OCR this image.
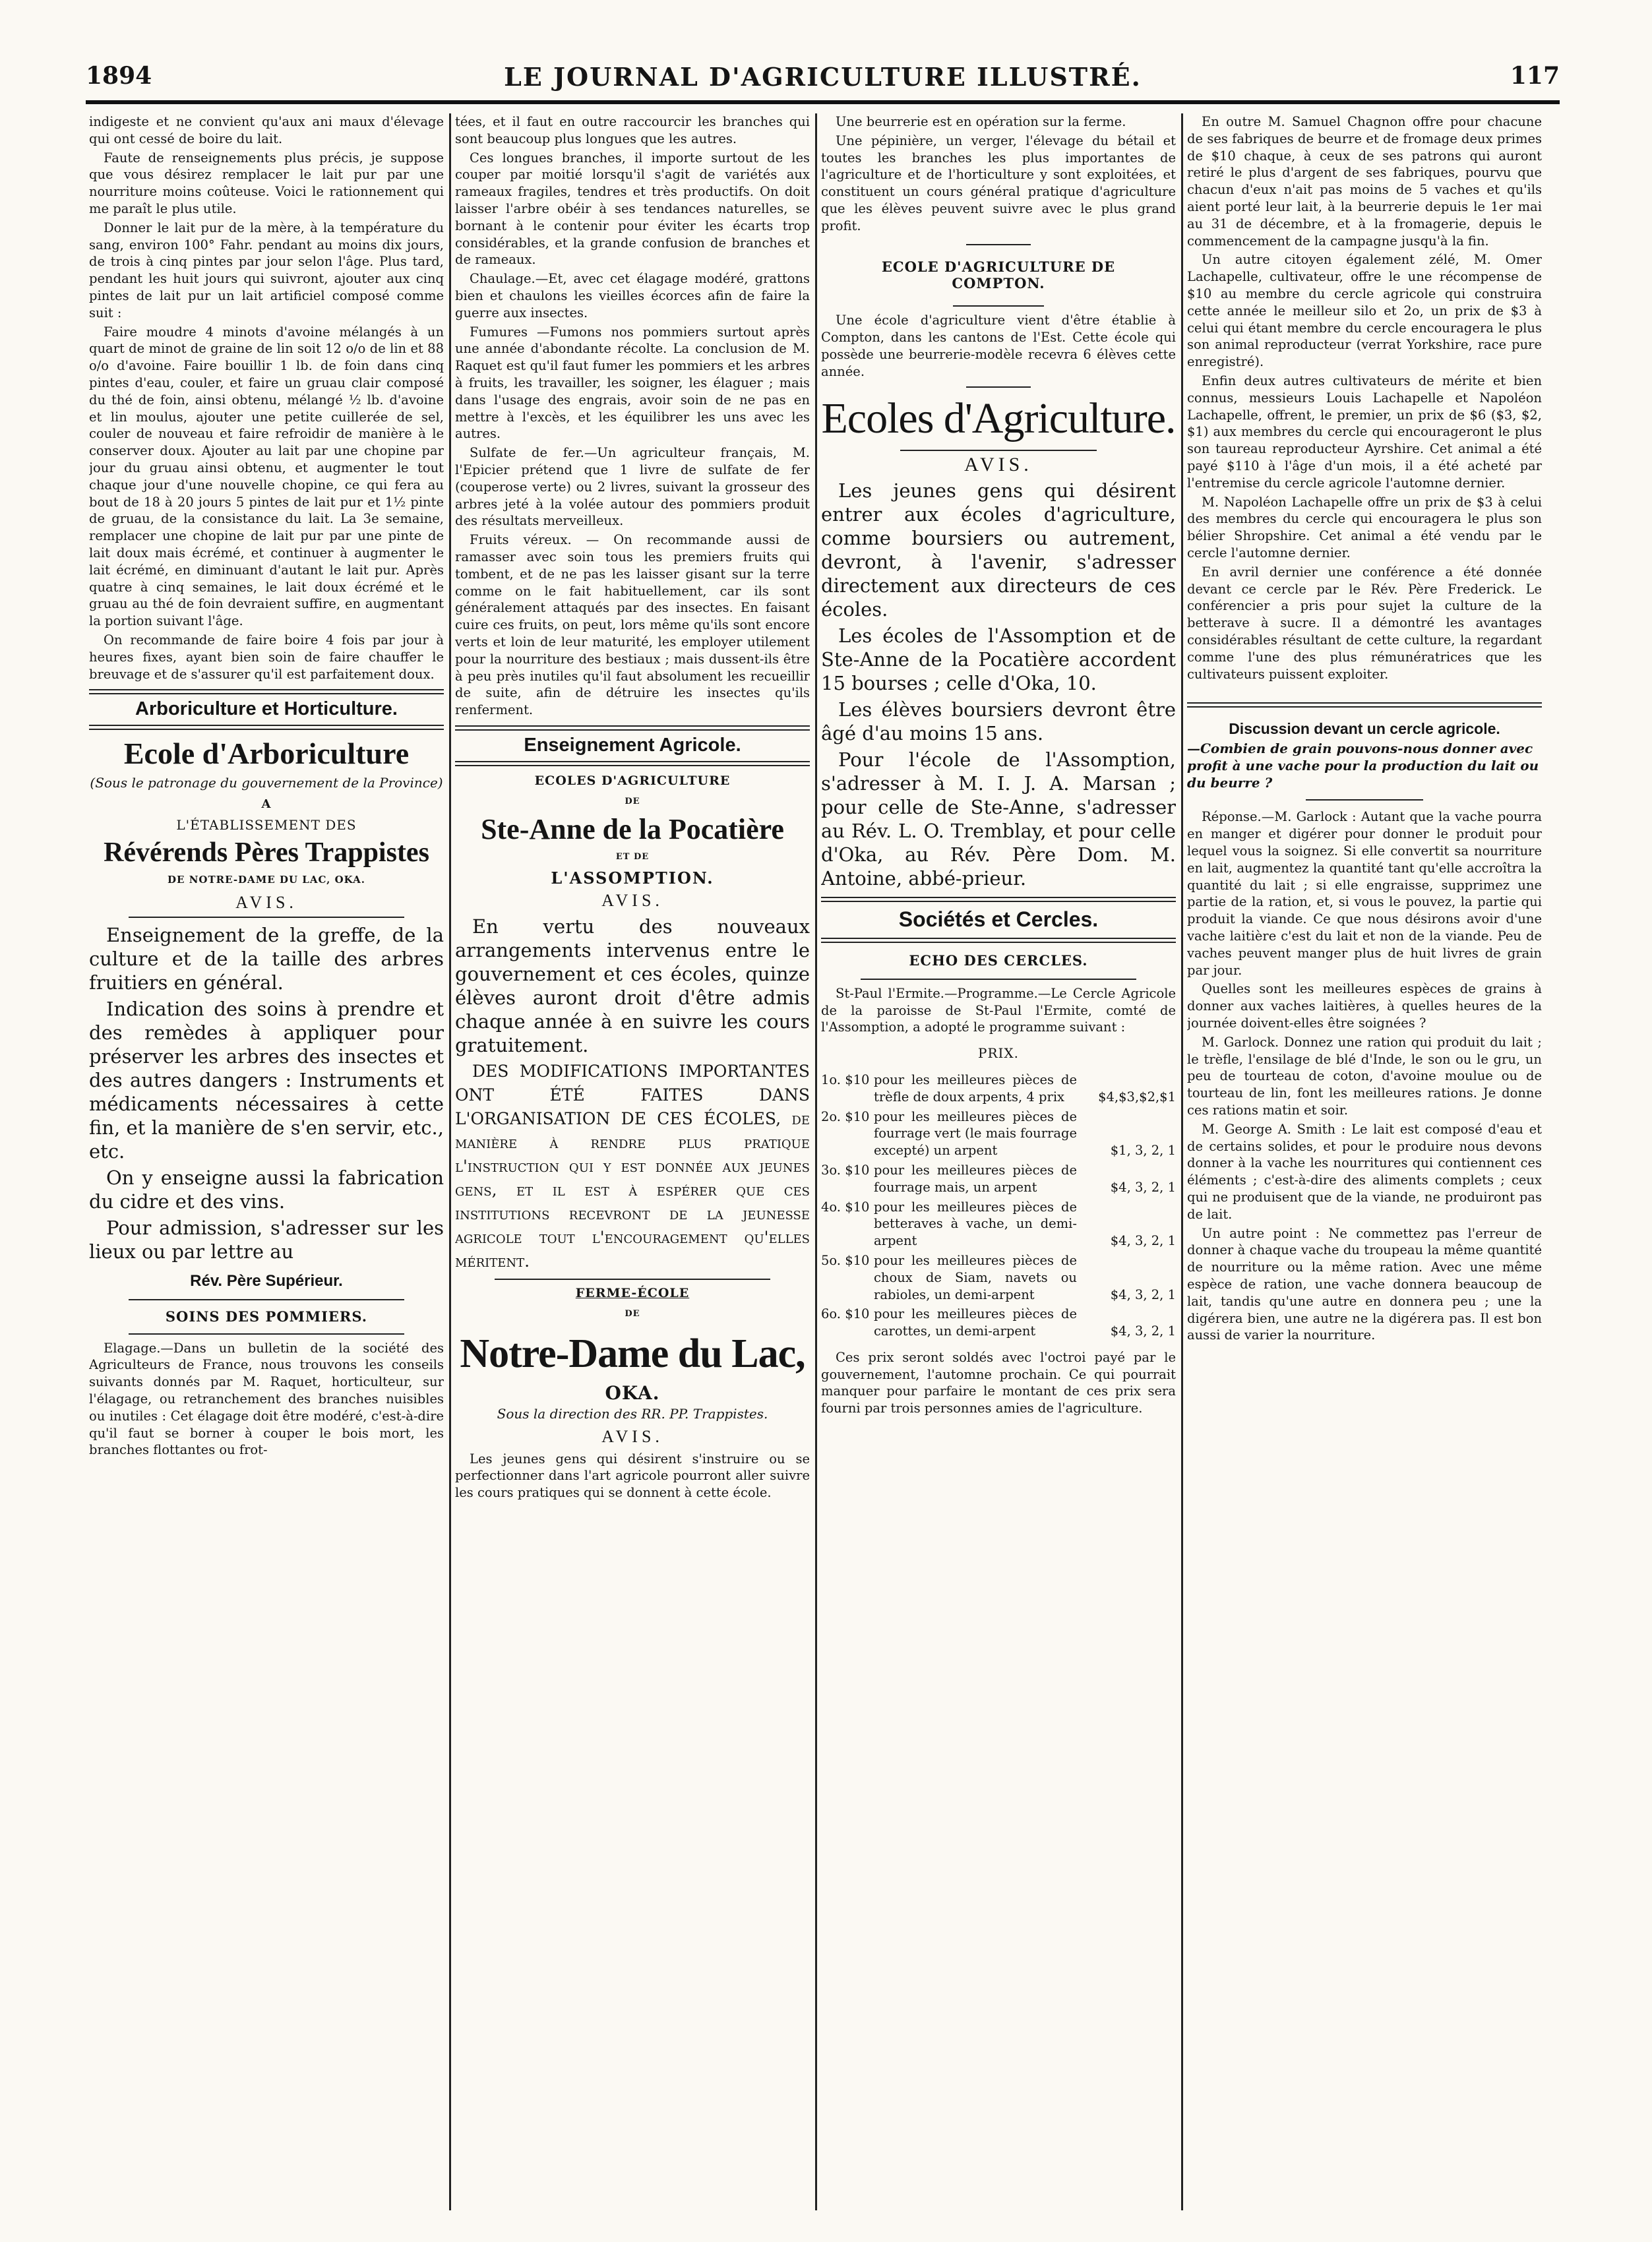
1894	LE JOURNAL D'AGRICULTURE ILLUSTRÉ.	117

indigeste et ne convient qu'aux ani maux d'élevage qui ont cessé de boire du lait.

Faute de renseignements plus précis, je suppose que vous désirez remplacer le lait pur par une nourriture moins coûteuse. Voici le rationnement qui me paraît le plus utile.

Donner le lait pur de la mère, à la température du sang, environ 100° Fahr. pendant au moins dix jours, de trois à cinq pintes par jour selon l'âge. Plus tard, pendant les huit jours qui suivront, ajouter aux cinq pintes de lait pur un lait artificiel composé comme suit :

Faire moudre 4 minots d'avoine mélangés à un quart de minot de graine de lin soit 12 o/o de lin et 88 o/o d'avoine. Faire bouillir 1 lb. de foin dans cinq pintes d'eau, couler, et faire un gruau clair composé du thé de foin, ainsi obtenu, mélangé ½ lb. d'avoine et lin moulus, ajouter une petite cuillerée de sel, couler de nouveau et faire refroidir de manière à le conserver doux. Ajouter au lait par une chopine par jour du gruau ainsi obtenu, et augmenter le tout chaque jour d'une nouvelle chopine, ce qui fera au bout de 18 à 20 jours 5 pintes de lait pur et 1½ pinte de gruau, de la consistance du lait. La 3e semaine, remplacer une chopine de lait pur par une pinte de lait doux mais écrémé, et continuer à augmenter le lait écrémé, en diminuant d'autant le lait pur. Après quatre à cinq semaines, le lait doux écrémé et le gruau au thé de foin devraient suffire, en augmentant la portion suivant l'âge.

On recommande de faire boire 4 fois par jour à heures fixes, ayant bien soin de faire chauffer le breuvage et de s'assurer qu'il est parfaitement doux.

Arboriculture et Horticulture.
Ecole d'Arboriculture
(Sous le patronage du gouvernement de la Province)
A
L'ÉTABLISSEMENT DES
Révérends Pères Trappistes
DE NOTRE-DAME DU LAC, OKA.
AVIS.

Enseignement de la greffe, de la culture et de la taille des arbres fruitiers en général.

Indication des soins à prendre et des remèdes à appliquer pour préserver les arbres des insectes et des autres dangers : Instruments et médicaments nécessaires à cette fin, et la manière de s'en servir, etc., etc.

On y enseigne aussi la fabrication du cidre et des vins.

Pour admission, s'adresser sur les lieux ou par lettre au

Rév. Père Supérieur.
SOINS DES POMMIERS.

Elagage.—Dans un bulletin de la société des Agriculteurs de France, nous trouvons les conseils suivants donnés par M. Raquet, horticulteur, sur l'élagage, ou retranchement des branches nuisibles ou inutiles : Cet élagage doit être modéré, c'est-à-dire qu'il faut se borner à couper le bois mort, les branches flottantes ou frot-

tées, et il faut en outre raccourcir les branches qui sont beaucoup plus longues que les autres.

Ces longues branches, il importe surtout de les couper par moitié lorsqu'il s'agit de variétés aux rameaux fragiles, tendres et très productifs. On doit laisser l'arbre obéir à ses tendances naturelles, se bornant à le contenir pour éviter les écarts trop considérables, et la grande confusion de branches et de rameaux.

Chaulage.—Et, avec cet élagage modéré, grattons bien et chaulons les vieilles écorces afin de faire la guerre aux insectes.

Fumures —Fumons nos pommiers surtout après une année d'abondante récolte. La conclusion de M. Raquet est qu'il faut fumer les pommiers et les arbres à fruits, les travailler, les soigner, les élaguer ; mais dans l'usage des engrais, avoir soin de ne pas en mettre à l'excès, et les équilibrer les uns avec les autres.

Sulfate de fer.—Un agriculteur français, M. l'Epicier prétend que 1 livre de sulfate de fer (couperose verte) ou 2 livres, suivant la grosseur des arbres jeté à la volée autour des pommiers produit des résultats merveilleux.

Fruits véreux. — On recommande aussi de ramasser avec soin tous les premiers fruits qui tombent, et de ne pas les laisser gisant sur la terre comme on le fait habituellement, car ils sont généralement attaqués par des insectes. En faisant cuire ces fruits, on peut, lors même qu'ils sont encore verts et loin de leur maturité, les employer utilement pour la nourriture des bestiaux ; mais dussent-ils être à peu près inutiles qu'il faut absolument les recueillir de suite, afin de détruire les insectes qu'ils renferment.

Enseignement Agricole.
ECOLES D'AGRICULTURE
DE
Ste-Anne de la Pocatière
ET DE
L'ASSOMPTION.
AVIS.

En vertu des nouveaux arrangements intervenus entre le gouvernement et ces écoles, quinze élèves auront droit d'être admis chaque année à en suivre les cours gratuitement.

DES MODIFICATIONS IMPORTANTES ONT ÉTÉ FAITES DANS L'ORGANISATION DE CES ÉCOLES, de manière à rendre plus pratique l'instruction qui y est donnée aux jeunes gens, et il est à espérer que ces institutions recevront de la jeunesse agricole tout l'encouragement qu'elles méritent.

FERME-ÉCOLE
DE
Notre-Dame du Lac,
OKA.
Sous la direction des RR. PP. Trappistes.
AVIS.

Les jeunes gens qui désirent s'instruire ou se perfectionner dans l'art agricole pourront aller suivre les cours pratiques qui se donnent à cette école.

Une beurrerie est en opération sur la ferme.

Une pépinière, un verger, l'élevage du bétail et toutes les branches les plus importantes de l'agriculture et de l'horticulture y sont exploitées, et constituent un cours général pratique d'agriculture que les élèves peuvent suivre avec le plus grand profit.

ECOLE D'AGRICULTURE DE COMPTON.

Une école d'agriculture vient d'être établie à Compton, dans les cantons de l'Est. Cette école qui possède une beurrerie-modèle recevra 6 élèves cette année.

Ecoles d'Agriculture.
AVIS.

Les jeunes gens qui désirent entrer aux écoles d'agriculture, comme boursiers ou autrement, devront, à l'avenir, s'adresser directement aux directeurs de ces écoles.

Les écoles de l'Assomption et de Ste-Anne de la Pocatière accordent 15 bourses ; celle d'Oka, 10.

Les élèves boursiers devront être âgé d'au moins 15 ans.

Pour l'école de l'Assomption, s'adresser à M. I. J. A. Marsan ; pour celle de Ste-Anne, s'adresser au Rév. L. O. Tremblay, et pour celle d'Oka, au Rév. Père Dom. M. Antoine, abbé-prieur.

Sociétés et Cercles.
ECHO DES CERCLES.

St-Paul l'Ermite.—Programme.—Le Cercle Agricole de la paroisse de St-Paul l'Ermite, comté de l'Assomption, a adopté le programme suivant :

PRIX.
1o. $10 pour les meilleures pièces de trèfle de doux arpents, 4 prix	$4,$3,$2,$1
2o. $10 pour les meilleures pièces de fourrage vert (le mais fourrage excepté) un arpent	$1, 3, 2, 1
3o. $10 pour les meilleures pièces de fourrage mais, un arpent	$4, 3, 2, 1
4o. $10 pour les meilleures pièces de betteraves à vache, un demi-arpent	$4, 3, 2, 1
5o. $10 pour les meilleures pièces de choux de Siam, navets ou rabioles, un demi-arpent	$4, 3, 2, 1
6o. $10 pour les meilleures pièces de carottes, un demi-arpent	$4, 3, 2, 1

Ces prix seront soldés avec l'octroi payé par le gouvernement, l'automne prochain. Ce qui pourrait manquer pour parfaire le montant de ces prix sera fourni par trois personnes amies de l'agriculture.

En outre M. Samuel Chagnon offre pour chacune de ses fabriques de beurre et de fromage deux primes de $10 chaque, à ceux de ses patrons qui auront retiré le plus d'argent de ses fabriques, pourvu que chacun d'eux n'ait pas moins de 5 vaches et qu'ils aient porté leur lait, à la beurrerie depuis le 1er mai au 31 de décembre, et à la fromagerie, depuis le commencement de la campagne jusqu'à la fin.

Un autre citoyen également zélé, M. Omer Lachapelle, cultivateur, offre le une récompense de $10 au membre du cercle agricole qui construira cette année le meilleur silo et 2o, un prix de $3 à celui qui étant membre du cercle encouragera le plus son animal reproducteur (verrat Yorkshire, race pure enregistré).

Enfin deux autres cultivateurs de mérite et bien connus, messieurs Louis Lachapelle et Napoléon Lachapelle, offrent, le premier, un prix de $6 ($3, $2, $1) aux membres du cercle qui encourageront le plus son taureau reproducteur Ayrshire. Cet animal a été payé $110 à l'âge d'un mois, il a été acheté par l'entremise du cercle agricole l'automne dernier.

M. Napoléon Lachapelle offre un prix de $3 à celui des membres du cercle qui encouragera le plus son bélier Shropshire. Cet animal a été vendu par le cercle l'automne dernier.

En avril dernier une conférence a été donnée devant ce cercle par le Rév. Père Frederick. Le conférencier a pris pour sujet la culture de la betterave à sucre. Il a démontré les avantages considérables résultant de cette culture, la regardant comme l'une des plus rémunératrices que les cultivateurs puissent exploiter.

Discussion devant un cercle agricole.
—Combien de grain pouvons-nous donner avec profit à une vache pour la production du lait ou du beurre ?

Réponse.—M. Garlock : Autant que la vache pourra en manger et digérer pour donner le produit pour lequel vous la soignez. Si elle convertit sa nourriture en lait, augmentez la quantité tant qu'elle accroîtra la quantité du lait ; si elle engraisse, supprimez une partie de la ration, et, si vous le pouvez, la partie qui produit la viande. Ce que nous désirons avoir d'une vache laitière c'est du lait et non de la viande. Peu de vaches peuvent manger plus de huit livres de grain par jour.

Quelles sont les meilleures espèces de grains à donner aux vaches laitières, à quelles heures de la journée doivent-elles être soignées ?

M. Garlock. Donnez une ration qui produit du lait ; le trèfle, l'ensilage de blé d'Inde, le son ou le gru, un peu de tourteau de coton, d'avoine moulue ou de tourteau de lin, font les meilleures rations. Je donne ces rations matin et soir.

M. George A. Smith : Le lait est composé d'eau et de certains solides, et pour le produire nous devons donner à la vache les nourritures qui contiennent ces éléments ; c'est-à-dire des aliments complets ; ceux qui ne produisent que de la viande, ne produiront pas de lait.

Un autre point : Ne commettez pas l'erreur de donner à chaque vache du troupeau la même quantité de nourriture ou la même ration. Avec une même espèce de ration, une vache donnera beaucoup de lait, tandis qu'une autre en donnera peu ; une la digérera bien, une autre ne la digérera pas. Il est bon aussi de varier la nourriture.
